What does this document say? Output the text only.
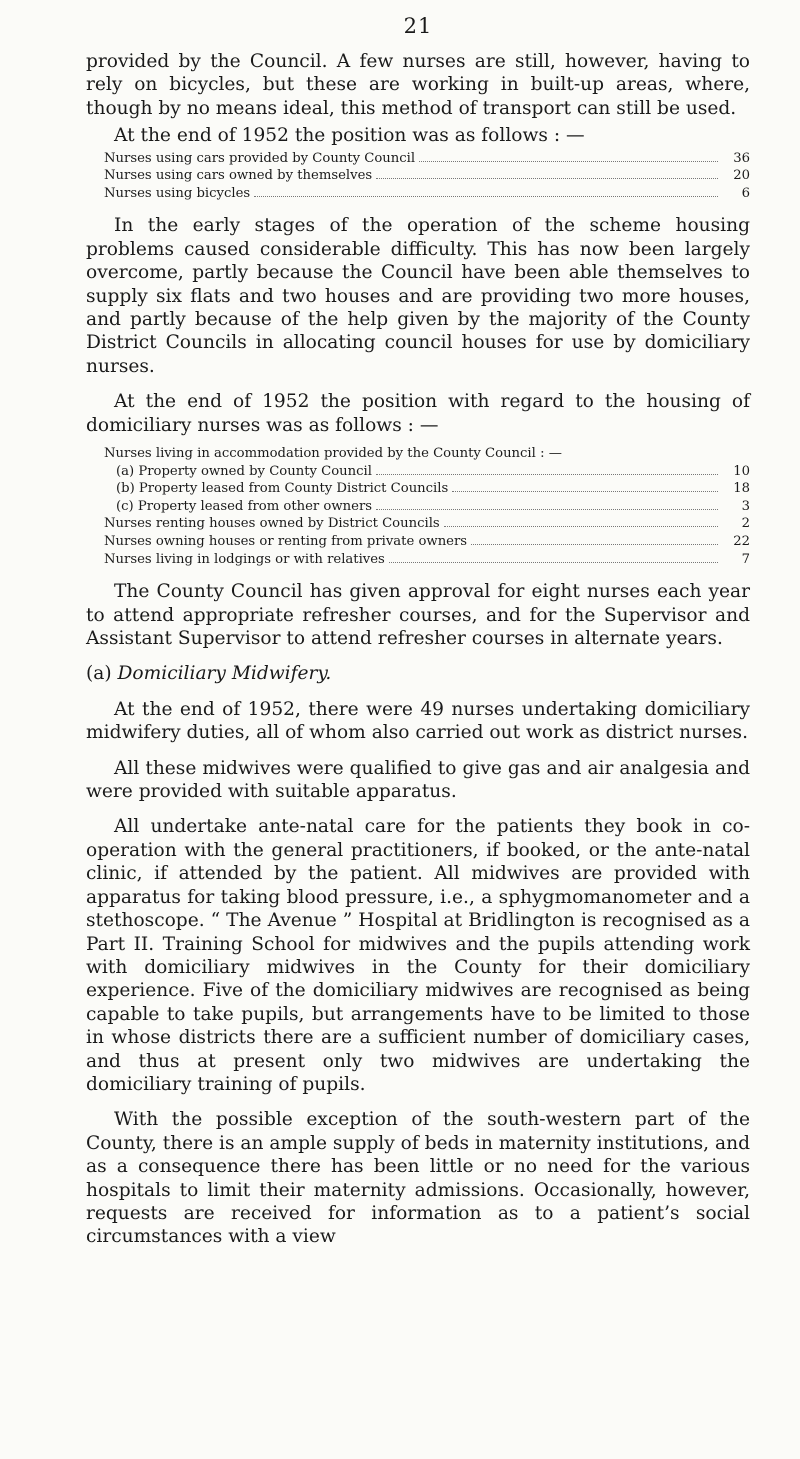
21

provided by the Council. A few nurses are still, however, having to rely on bicycles, but these are working in built-up areas, where, though by no means ideal, this method of transport can still be used.

At the end of 1952 the position was as follows : —

Nurses using cars provided by County Council	36
Nurses using cars owned by themselves	20
Nurses using bicycles	6

In the early stages of the operation of the scheme housing problems caused considerable difficulty. This has now been largely overcome, partly because the Council have been able themselves to supply six flats and two houses and are providing two more houses, and partly because of the help given by the majority of the County District Councils in allocating council houses for use by domiciliary nurses.

At the end of 1952 the position with regard to the housing of domiciliary nurses was as follows : —

Nurses living in accommodation provided by the County Council : —
(a) Property owned by County Council	10
(b) Property leased from County District Councils	18
(c) Property leased from other owners	3
Nurses renting houses owned by District Councils	2
Nurses owning houses or renting from private owners	22
Nurses living in lodgings or with relatives	7

The County Council has given approval for eight nurses each year to attend appropriate refresher courses, and for the Supervisor and Assistant Supervisor to attend refresher courses in alternate years.

(a) Domiciliary Midwifery.

At the end of 1952, there were 49 nurses undertaking domiciliary midwifery duties, all of whom also carried out work as district nurses.

All these midwives were qualified to give gas and air analgesia and were provided with suitable apparatus.

All undertake ante-natal care for the patients they book in co-operation with the general practitioners, if booked, or the ante-natal clinic, if attended by the patient. All midwives are provided with apparatus for taking blood pressure, i.e., a sphygmomanometer and a stethoscope. “ The Avenue ” Hospital at Bridlington is recognised as a Part II. Training School for midwives and the pupils attending work with domiciliary midwives in the County for their domiciliary experience. Five of the domiciliary midwives are recognised as being capable to take pupils, but arrangements have to be limited to those in whose districts there are a sufficient number of domiciliary cases, and thus at present only two midwives are undertaking the domiciliary training of pupils.

With the possible exception of the south-western part of the County, there is an ample supply of beds in maternity institutions, and as a consequence there has been little or no need for the various hospitals to limit their maternity admissions. Occasionally, however, requests are received for information as to a patient’s social circumstances with a view
